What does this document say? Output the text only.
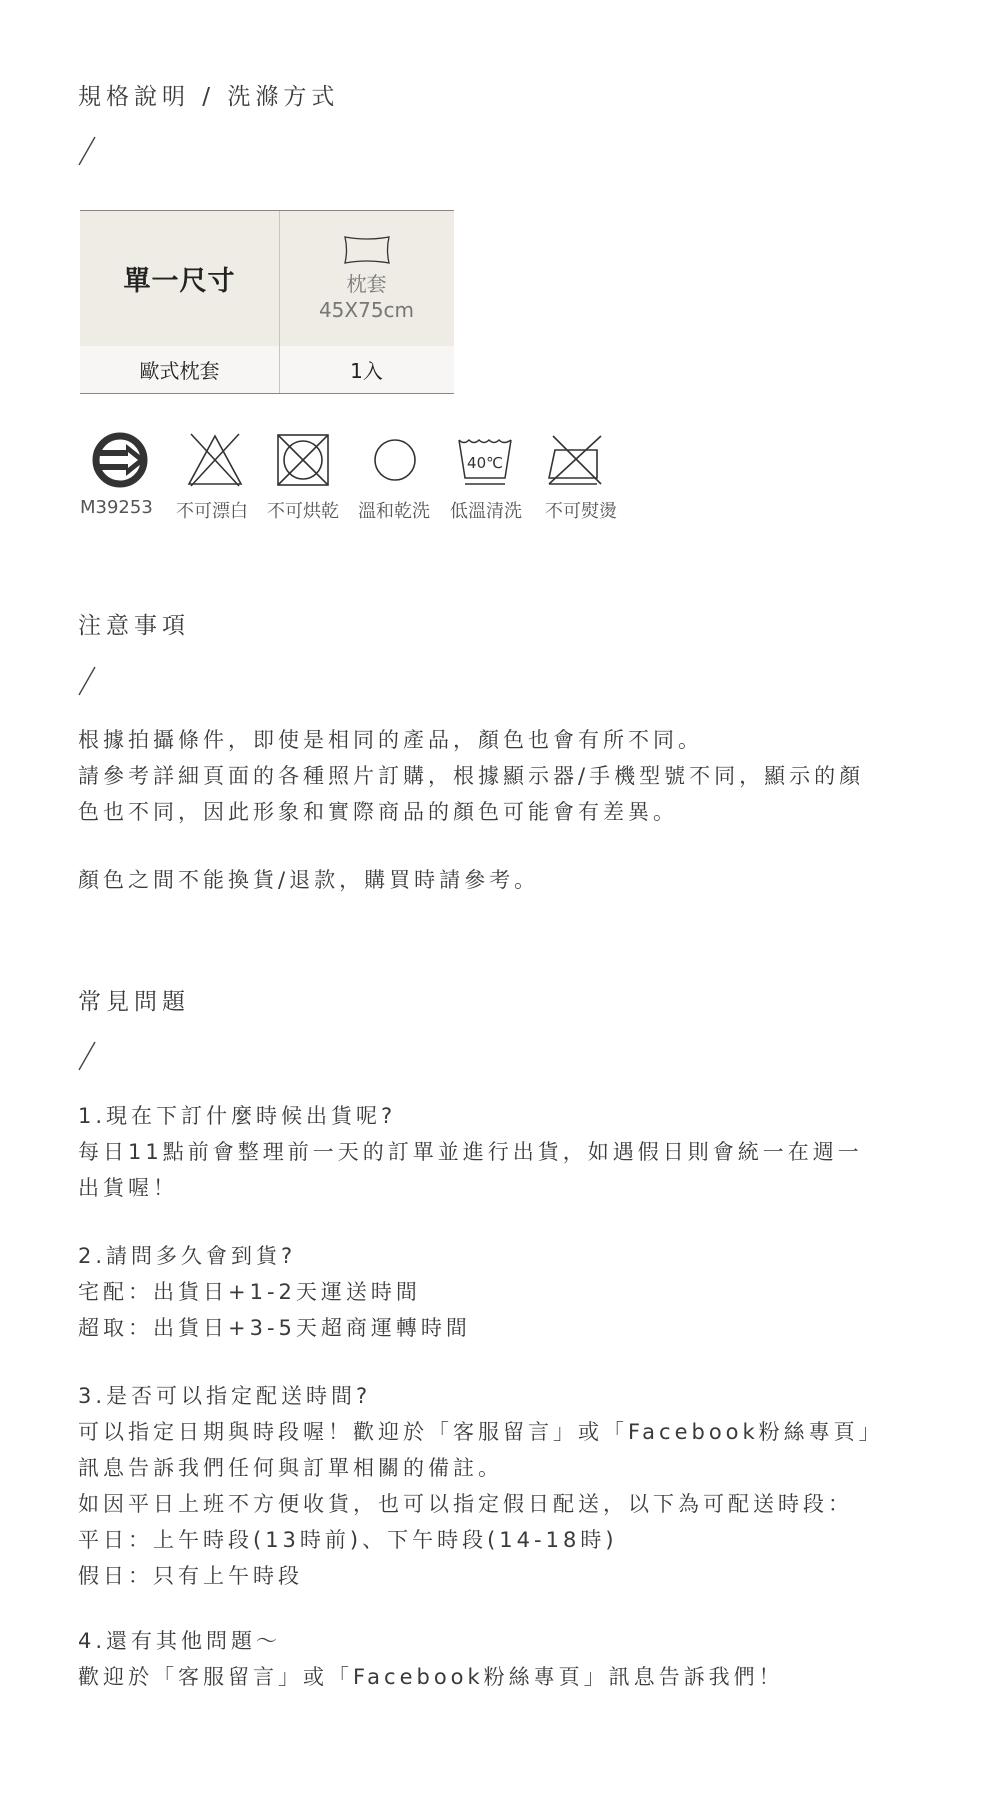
規格說明 / 洗滌方式
單一尺寸	枕套
45X75cm
歐式枕套	1入
40℃
M39253 不可漂白 不可烘乾 溫和乾洗 低溫清洗 不可熨燙
注意事項
根據拍攝條件，即使是相同的產品，顏色也會有所不同。
請參考詳細頁面的各種照片訂購，根據顯示器/手機型號不同，顯示的顏
色也不同，因此形象和實際商品的顏色可能會有差異。
顏色之間不能換貨/退款，購買時請參考。
常見問題
1.現在下訂什麼時候出貨呢?
每日11點前會整理前一天的訂單並進行出貨，如遇假日則會統一在週一
出貨喔！
2.請問多久會到貨?
宅配：出貨日+1-2天運送時間
超取：出貨日+3-5天超商運轉時間
3.是否可以指定配送時間?
可以指定日期與時段喔！歡迎於「客服留言」或「Facebook粉絲專頁」
訊息告訴我們任何與訂單相關的備註。
如因平日上班不方便收貨，也可以指定假日配送，以下為可配送時段：
平日：上午時段(13時前)、下午時段(14-18時)
假日：只有上午時段
4.還有其他問題～
歡迎於「客服留言」或「Facebook粉絲專頁」訊息告訴我們！
